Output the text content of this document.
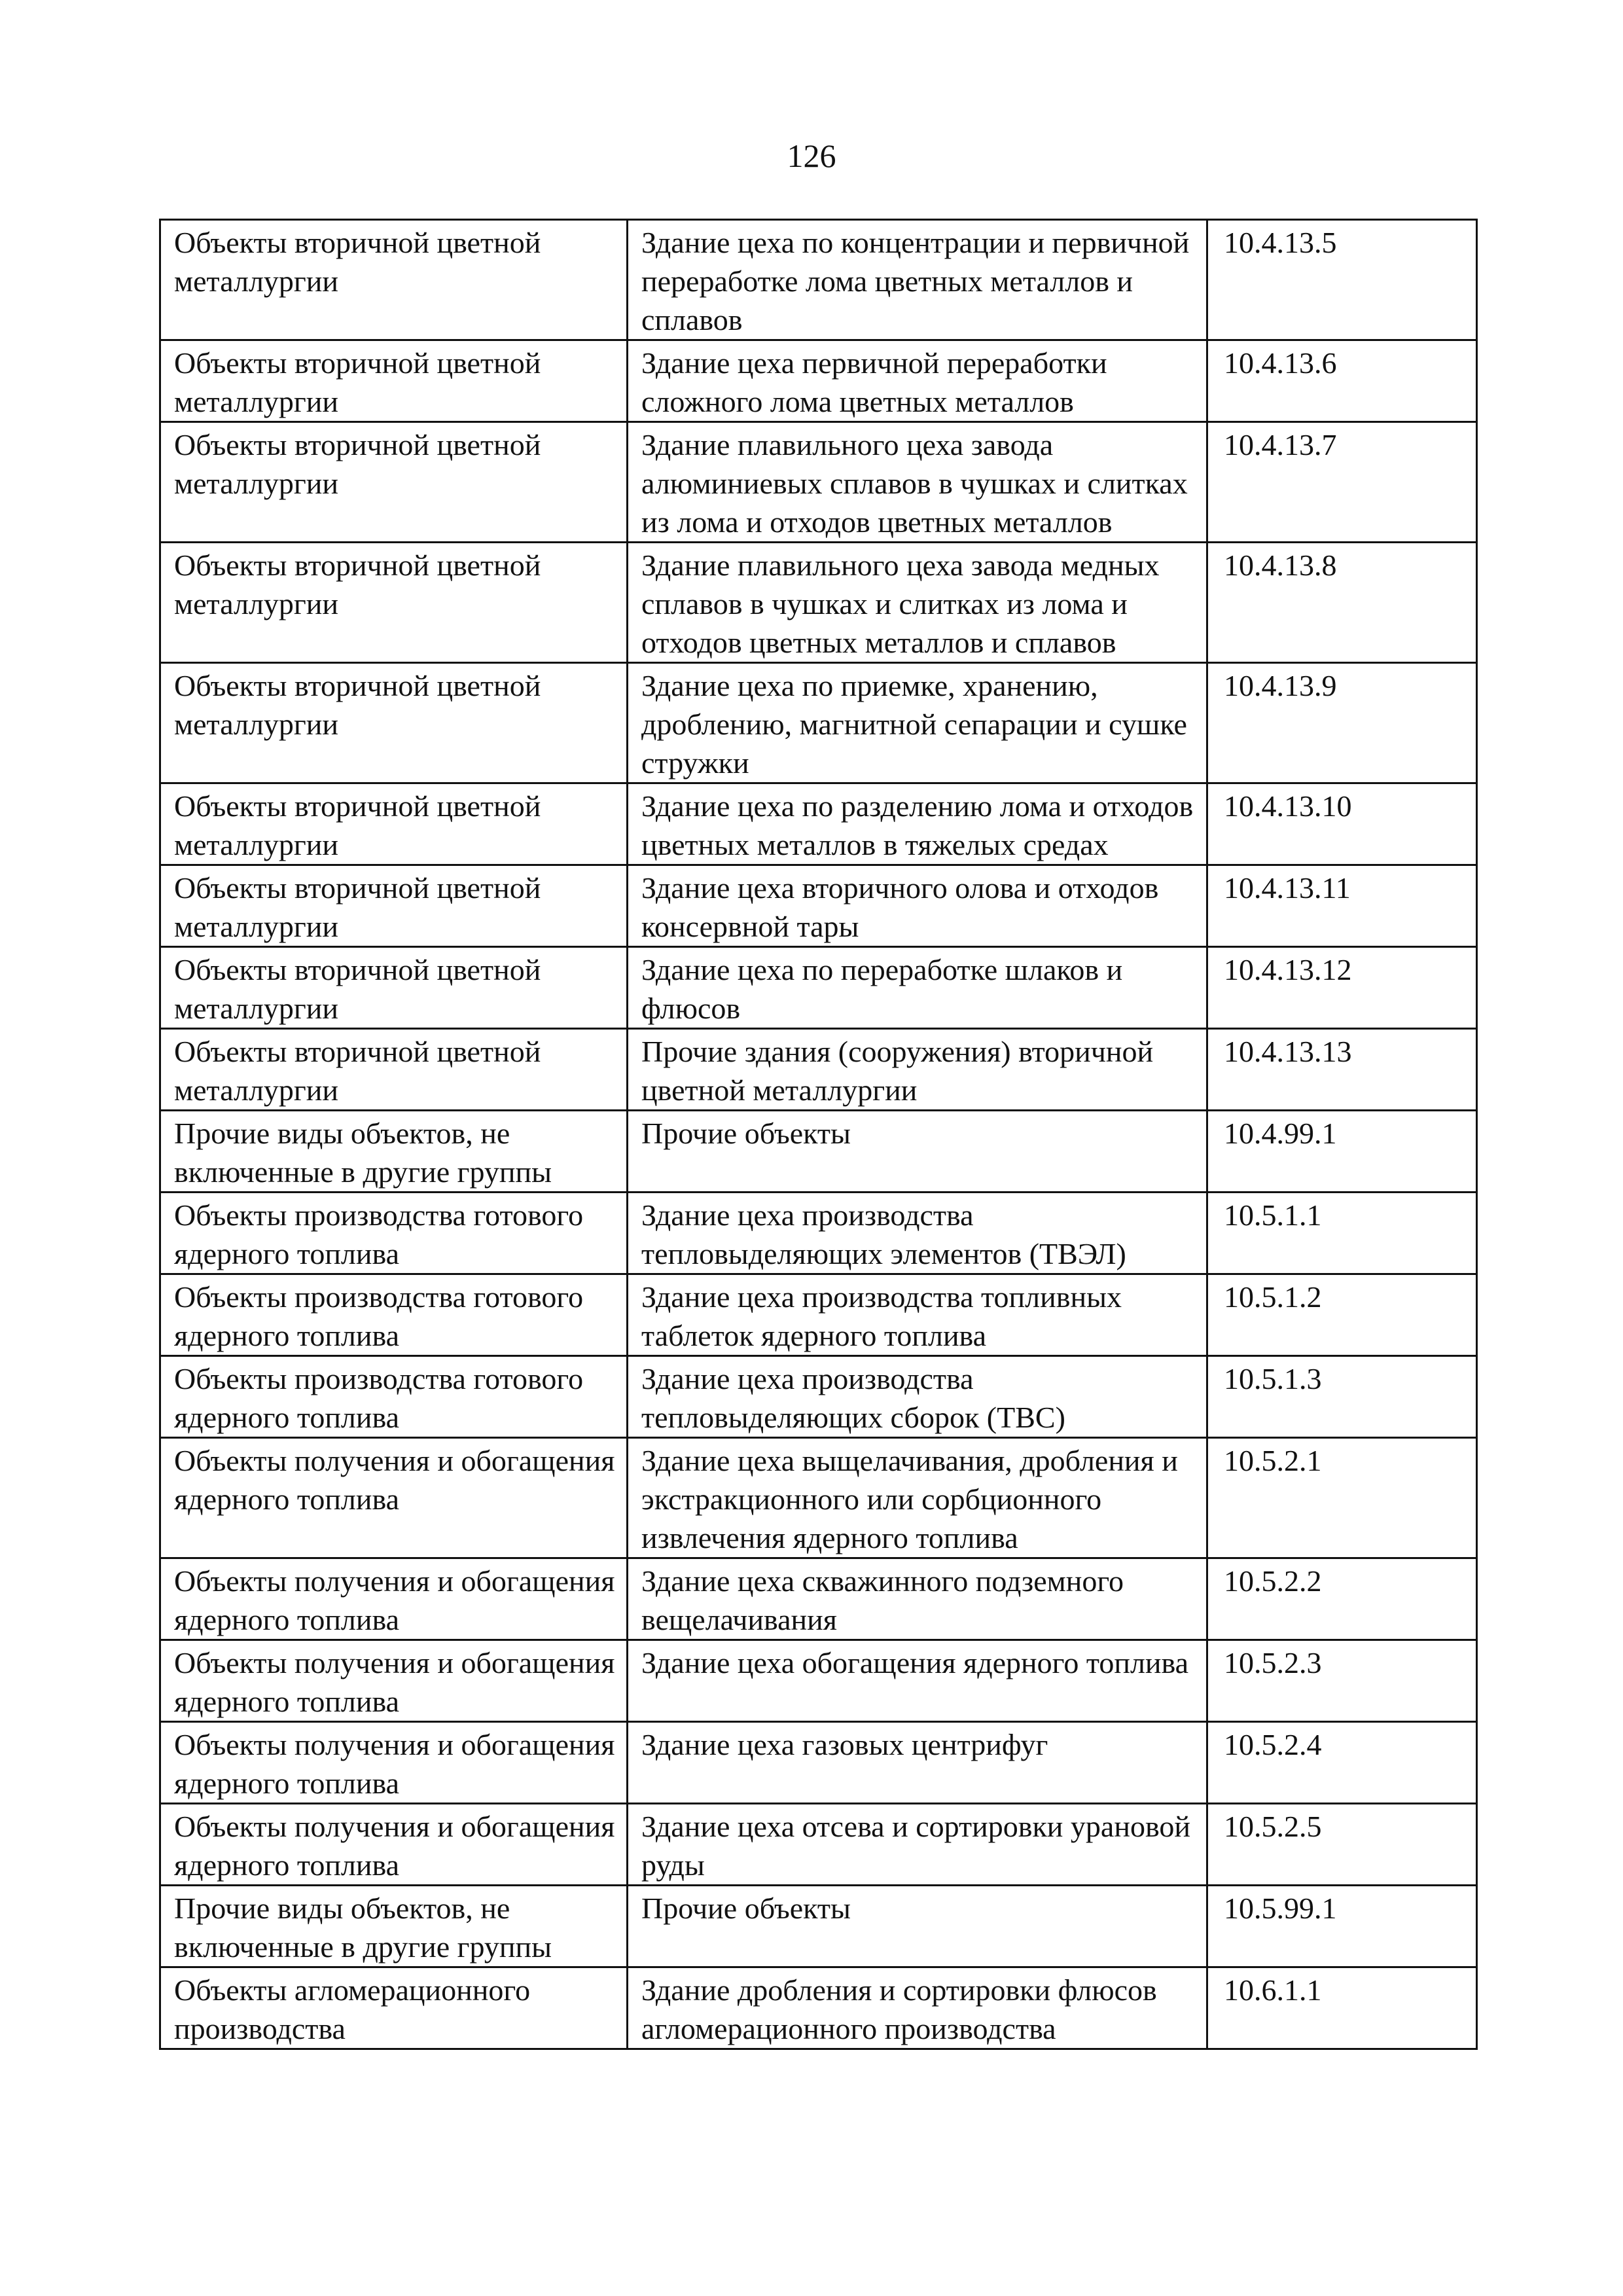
126
Объекты вторичной цветной металлургии	Здание цеха по концентрации и первичной переработке лома цветных металлов и сплавов	10.4.13.5
Объекты вторичной цветной металлургии	Здание цеха первичной переработки сложного лома цветных металлов	10.4.13.6
Объекты вторичной цветной металлургии	Здание плавильного цеха завода алюминиевых сплавов в чушках и слитках из лома и отходов цветных металлов	10.4.13.7
Объекты вторичной цветной металлургии	Здание плавильного цеха завода медных сплавов в чушках и слитках из лома и отходов цветных металлов и сплавов	10.4.13.8
Объекты вторичной цветной металлургии	Здание цеха по приемке, хранению, дроблению, магнитной сепарации и сушке стружки	10.4.13.9
Объекты вторичной цветной металлургии	Здание цеха по разделению лома и отходов цветных металлов в тяжелых средах	10.4.13.10
Объекты вторичной цветной металлургии	Здание цеха вторичного олова и отходов консервной тары	10.4.13.11
Объекты вторичной цветной металлургии	Здание цеха по переработке шлаков и флюсов	10.4.13.12
Объекты вторичной цветной металлургии	Прочие здания (сооружения) вторичной цветной металлургии	10.4.13.13
Прочие виды объектов, не включенные в другие группы	Прочие объекты	10.4.99.1
Объекты производства готового ядерного топлива	Здание цеха производства тепловыделяющих элементов (ТВЭЛ)	10.5.1.1
Объекты производства готового ядерного топлива	Здание цеха производства топливных таблеток ядерного топлива	10.5.1.2
Объекты производства готового ядерного топлива	Здание цеха производства тепловыделяющих сборок (ТВС)	10.5.1.3
Объекты получения и обогащения ядерного топлива	Здание цеха выщелачивания, дробления и экстракционного или сорбционного извлечения ядерного топлива	10.5.2.1
Объекты получения и обогащения ядерного топлива	Здание цеха скважинного подземного вещелачивания	10.5.2.2
Объекты получения и обогащения ядерного топлива	Здание цеха обогащения ядерного топлива	10.5.2.3
Объекты получения и обогащения ядерного топлива	Здание цеха газовых центрифуг	10.5.2.4
Объекты получения и обогащения ядерного топлива	Здание цеха отсева и сортировки урановой руды	10.5.2.5
Прочие виды объектов, не включенные в другие группы	Прочие объекты	10.5.99.1
Объекты агломерационного производства	Здание дробления и сортировки флюсов агломерационного производства	10.6.1.1
